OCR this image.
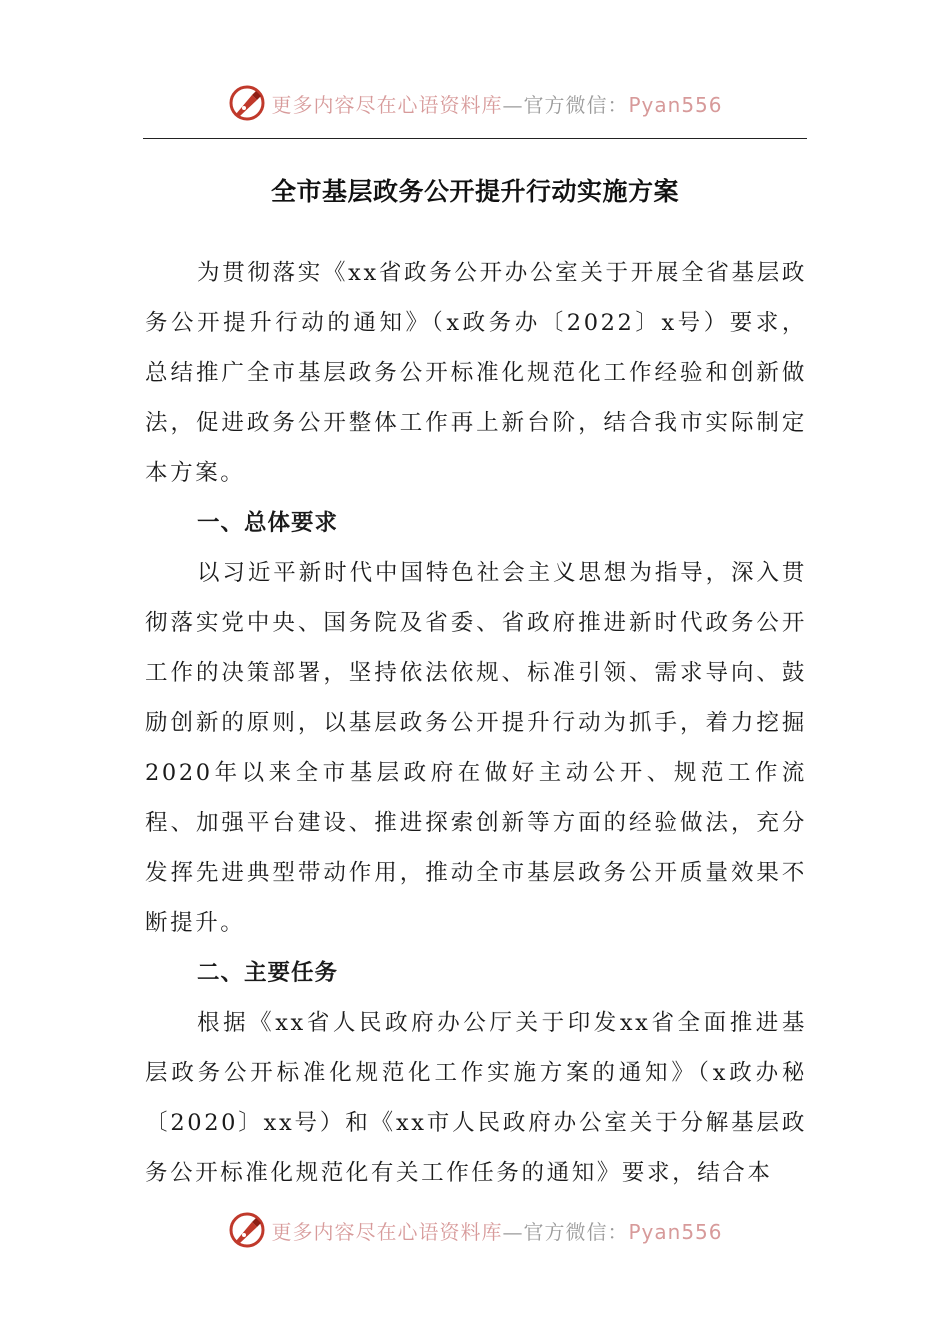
更多内容尽在心语资料库—官方微信：Pyan556
全市基层政务公开提升行动实施方案

为贯彻落实《xx省政务公开办公室关于开展全省基层政务公开提升行动的通知》（x政务办〔2022〕x号）要求，总结推广全市基层政务公开标准化规范化工作经验和创新做法，促进政务公开整体工作再上新台阶，结合我市实际制定本方案。

一、总体要求

以习近平新时代中国特色社会主义思想为指导，深入贯彻落实党中央、国务院及省委、省政府推进新时代政务公开工作的决策部署，坚持依法依规、标准引领、需求导向、鼓励创新的原则，以基层政务公开提升行动为抓手，着力挖掘2020年以来全市基层政府在做好主动公开、规范工作流程、加强平台建设、推进探索创新等方面的经验做法，充分发挥先进典型带动作用，推动全市基层政务公开质量效果不断提升。

二、主要任务

根据《xx省人民政府办公厅关于印发xx省全面推进基层政务公开标准化规范化工作实施方案的通知》（x政办秘〔2020〕xx号）和《xx市人民政府办公室关于分解基层政务公开标准化规范化有关工作任务的通知》要求，结合本

更多内容尽在心语资料库—官方微信：Pyan556
